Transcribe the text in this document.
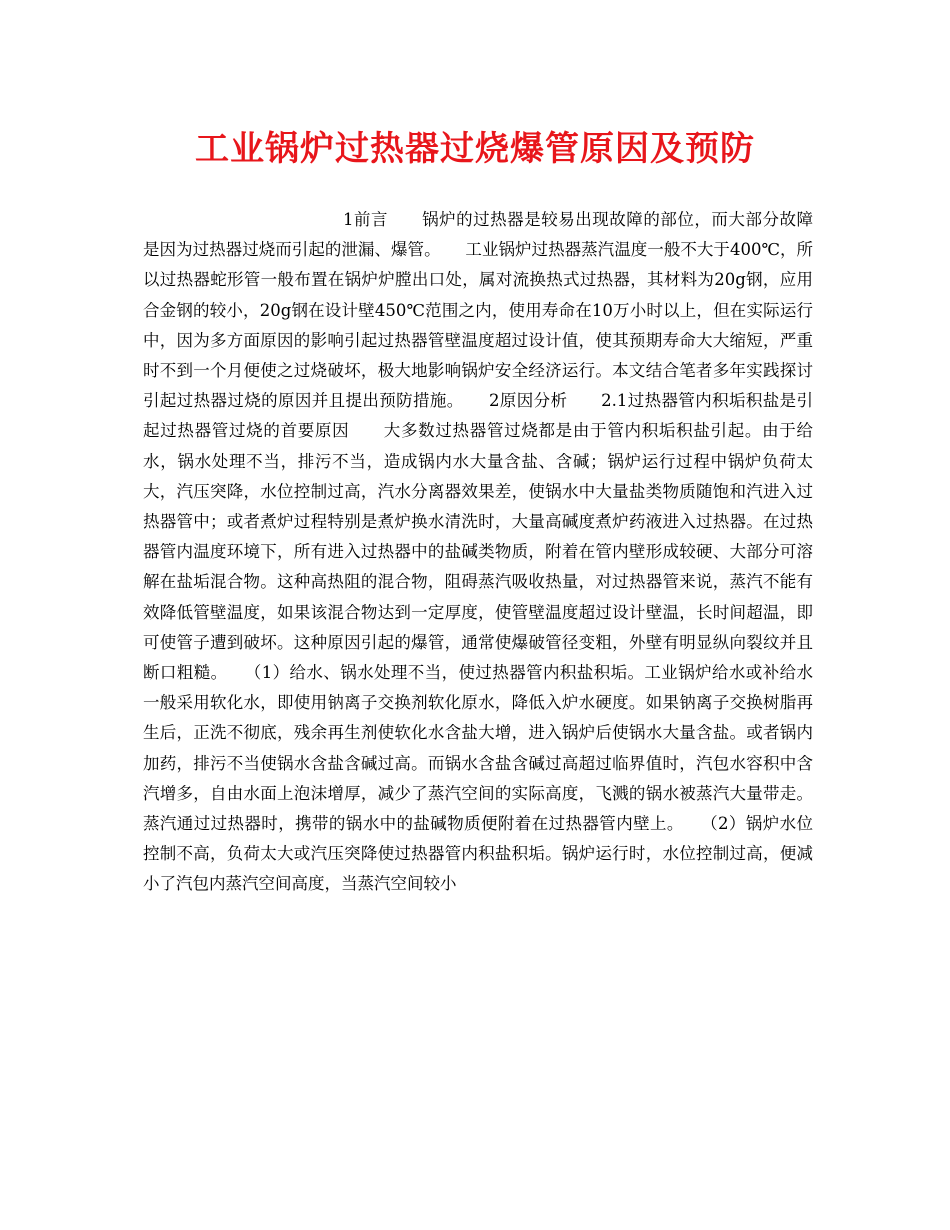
工业锅炉过热器过烧爆管原因及预防

1前言　　锅炉的过热器是较易出现故障的部位，而大部分故障是因为过热器过烧而引起的泄漏、爆管。　　工业锅炉过热器蒸汽温度一般不大于400℃，所以过热器蛇形管一般布置在锅炉炉膛出口处，属对流换热式过热器，其材料为20g钢，应用合金钢的较小，20g钢在设计壁450℃范围之内，使用寿命在10万小时以上，但在实际运行中，因为多方面原因的影响引起过热器管壁温度超过设计值，使其预期寿命大大缩短，严重时不到一个月便使之过烧破坏，极大地影响锅炉安全经济运行。本文结合笔者多年实践探讨引起过热器过烧的原因并且提出预防措施。　　2原因分析　　2.1过热器管内积垢积盐是引起过热器管过烧的首要原因　　大多数过热器管过烧都是由于管内积垢积盐引起。由于给水，锅水处理不当，排污不当，造成锅内水大量含盐、含碱；锅炉运行过程中锅炉负荷太大，汽压突降，水位控制过高，汽水分离器效果差，使锅水中大量盐类物质随饱和汽进入过热器管中；或者煮炉过程特别是煮炉换水清洗时，大量高碱度煮炉药液进入过热器。在过热器管内温度环境下，所有进入过热器中的盐碱类物质，附着在管内壁形成较硬、大部分可溶解在盐垢混合物。这种高热阻的混合物，阻碍蒸汽吸收热量，对过热器管来说，蒸汽不能有效降低管壁温度，如果该混合物达到一定厚度，使管壁温度超过设计壁温，长时间超温，即可使管子遭到破坏。这种原因引起的爆管，通常使爆破管径变粗，外壁有明显纵向裂纹并且断口粗糙。　　（1）给水、锅水处理不当，使过热器管内积盐积垢。工业锅炉给水或补给水一般采用软化水，即使用钠离子交换剂软化原水，降低入炉水硬度。如果钠离子交换树脂再生后，正洗不彻底，残余再生剂使软化水含盐大增，进入锅炉后使锅水大量含盐。或者锅内加药，排污不当使锅水含盐含碱过高。而锅水含盐含碱过高超过临界值时，汽包水容积中含汽增多，自由水面上泡沫增厚，减少了蒸汽空间的实际高度，飞溅的锅水被蒸汽大量带走。蒸汽通过过热器时，携带的锅水中的盐碱物质便附着在过热器管内壁上。　　（2）锅炉水位控制不高，负荷太大或汽压突降使过热器管内积盐积垢。锅炉运行时，水位控制过高，便减小了汽包内蒸汽空间高度，当蒸汽空间较小
